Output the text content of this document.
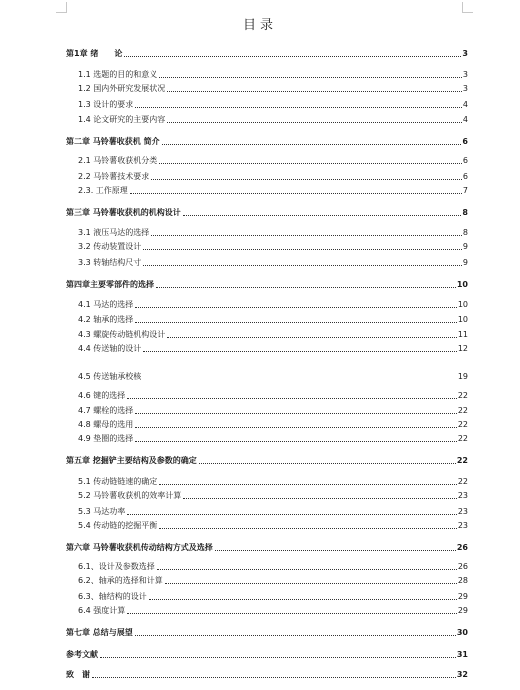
目录
第1章 绪　　论	3
1.1 选题的目的和意义	3
1.2 国内外研究发展状况	3
1.3 设计的要求	4
1.4 论文研究的主要内容	4
第二章 马铃薯收获机 简介	6
2.1 马铃薯收获机分类	6
2.2 马铃薯技术要求	6
2.3. 工作原理	7
第三章 马铃薯收获机的机构设计	8
3.1 液压马达的选择	8
3.2 传动装置设计	9
3.3 转轴结构尺寸	9
第四章主要零部件的选择	10
4.1 马达的选择	10
4.2 轴承的选择	10
4.3 螺旋传动链机构设计	11
4.4 传送轴的设计	12
4.5 传送轴承校核	19
4.6 键的选择	22
4.7 螺栓的选择	22
4.8 螺母的选用	22
4.9 垫圈的选择	22
第五章 挖掘铲主要结构及参数的确定	22
5.1 传动链链速的确定	22
5.2 马铃薯收获机的效率计算	23
5.3 马达功率	23
5.4 传动链的挖掘平衡	23
第六章 马铃薯收获机传动结构方式及选择	26
6.1、设计及参数选择	26
6.2、轴承的选择和计算	28
6.3、轴结构的设计	29
6.4 强度计算	29
第七章 总结与展望	30
参考文献	31
致　谢	32
